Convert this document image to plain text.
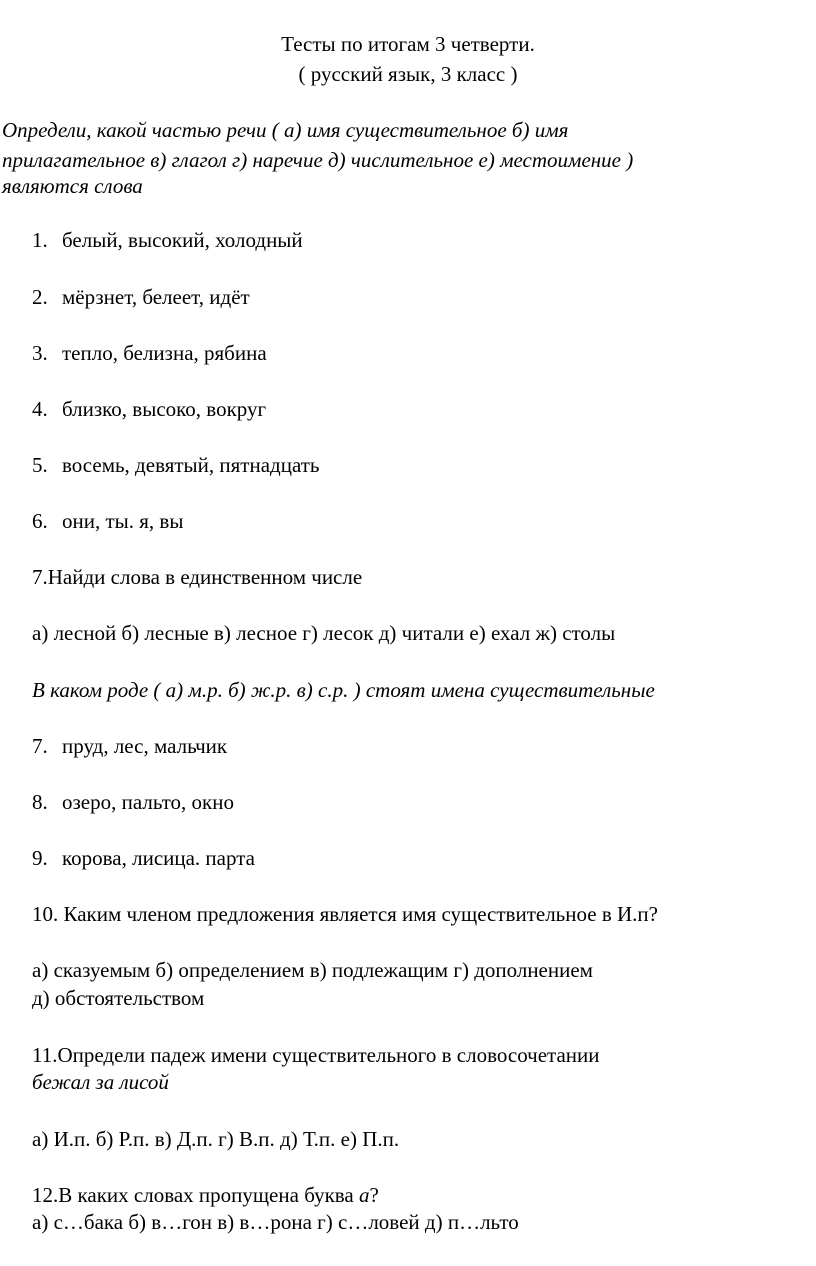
Тесты по итогам 3 четверти.
( русский язык, 3 класс )
Определи, какой частью речи ( а) имя существительное б) имя
прилагательное в) глагол г) наречие д) числительное е) местоимение )
являются слова
1. белый, высокий, холодный
2. мёрзнет, белеет, идёт
3. тепло, белизна, рябина
4. близко, высоко, вокруг
5. восемь, девятый, пятнадцать
6. они, ты. я, вы
7.Найди слова в единственном числе
а) лесной б) лесные в) лесное г) лесок д) читали е) ехал ж) столы
В каком роде ( а) м.р. б) ж.р. в) с.р. ) стоят имена существительные
7. пруд, лес, мальчик
8. озеро, пальто, окно
9. корова, лисица. парта
10. Каким членом предложения является имя существительное в И.п?
а) сказуемым б) определением в) подлежащим г) дополнением
д) обстоятельством
11.Определи падеж имени существительного в словосочетании
бежал за лисой
а) И.п. б) Р.п. в) Д.п. г) В.п. д) Т.п. е) П.п.
12.В каких словах пропущена буква а?
а) с…бака б) в…гон в) в…рона г) с…ловей д) п…льто
